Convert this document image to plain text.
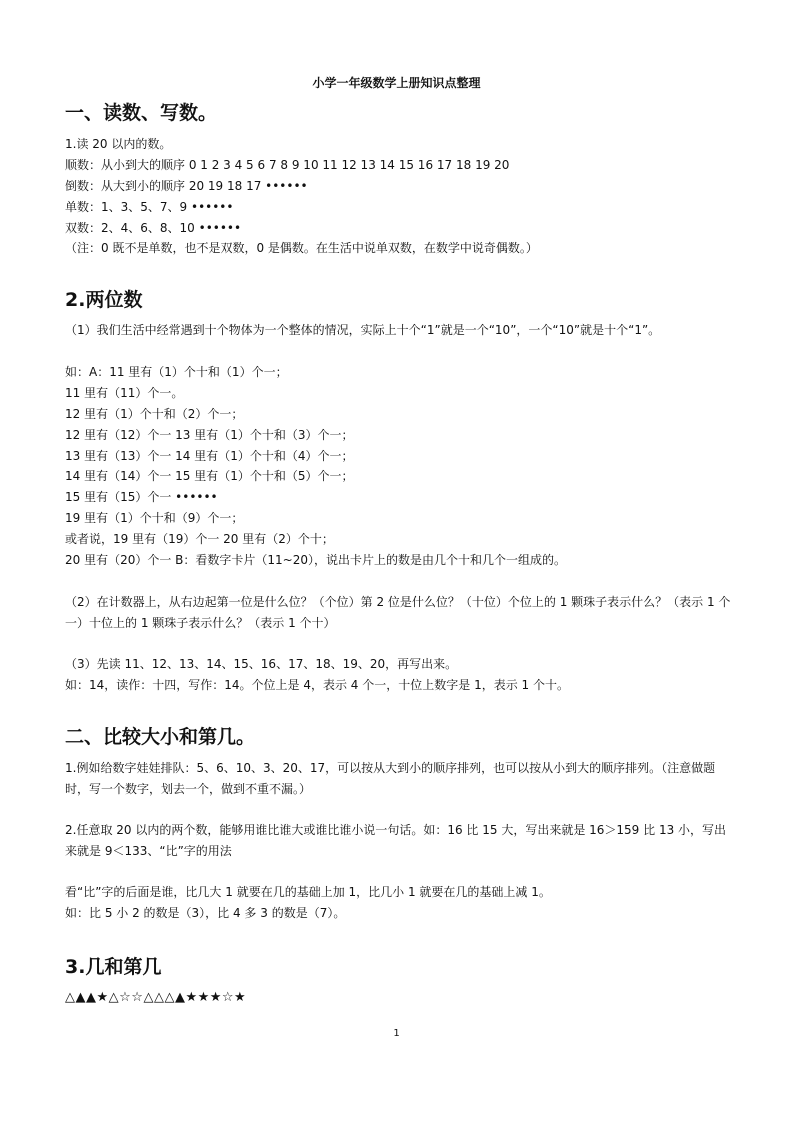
小学一年级数学上册知识点整理
一、读数、写数。
1.读 20 以内的数。
顺数：从小到大的顺序 0 1 2 3 4 5 6 7 8 9 10 11 12 13 14 15 16 17 18 19 20
倒数：从大到小的顺序 20 19 18 17 ••••••
单数：1、3、5、7、9 ••••••
双数：2、4、6、8、10 ••••••
（注：0 既不是单数，也不是双数，0 是偶数。在生活中说单双数，在数学中说奇偶数。）
2.两位数
（1）我们生活中经常遇到十个物体为一个整体的情况，实际上十个“1”就是一个“10”，一个“10”就是十个“1”。
如：A：11 里有（1）个十和（1）个一；
11 里有（11）个一。
12 里有（1）个十和（2）个一；
12 里有（12）个一 13 里有（1）个十和（3）个一；
13 里有（13）个一 14 里有（1）个十和（4）个一；
14 里有（14）个一 15 里有（1）个十和（5）个一；
15 里有（15）个一 ••••••
19 里有（1）个十和（9）个一；
或者说，19 里有（19）个一 20 里有（2）个十；
20 里有（20）个一 B：看数字卡片（11~20），说出卡片上的数是由几个十和几个一组成的。
（2）在计数器上，从右边起第一位是什么位？（个位）第 2 位是什么位？（十位）个位上的 1 颗珠子表示什么？（表示 1 个一）十位上的 1 颗珠子表示什么？（表示 1 个十）
（3）先读 11、12、13、14、15、16、17、18、19、20，再写出来。
如：14，读作：十四，写作：14。个位上是 4，表示 4 个一，十位上数字是 1，表示 1 个十。
二、比较大小和第几。
1.例如给数字娃娃排队：5、6、10、3、20、17，可以按从大到小的顺序排列，也可以按从小到大的顺序排列。（注意做题时，写一个数字，划去一个，做到不重不漏。）
2.任意取 20 以内的两个数，能够用谁比谁大或谁比谁小说一句话。如：16 比 15 大，写出来就是 16＞159 比 13 小，写出来就是 9＜133、“比”字的用法
看“比”字的后面是谁，比几大 1 就要在几的基础上加 1，比几小 1 就要在几的基础上减 1。
如：比 5 小 2 的数是（3），比 4 多 3 的数是（7）。
3.几和第几
△▲▲★△☆☆△△△▲★★★☆★
1
